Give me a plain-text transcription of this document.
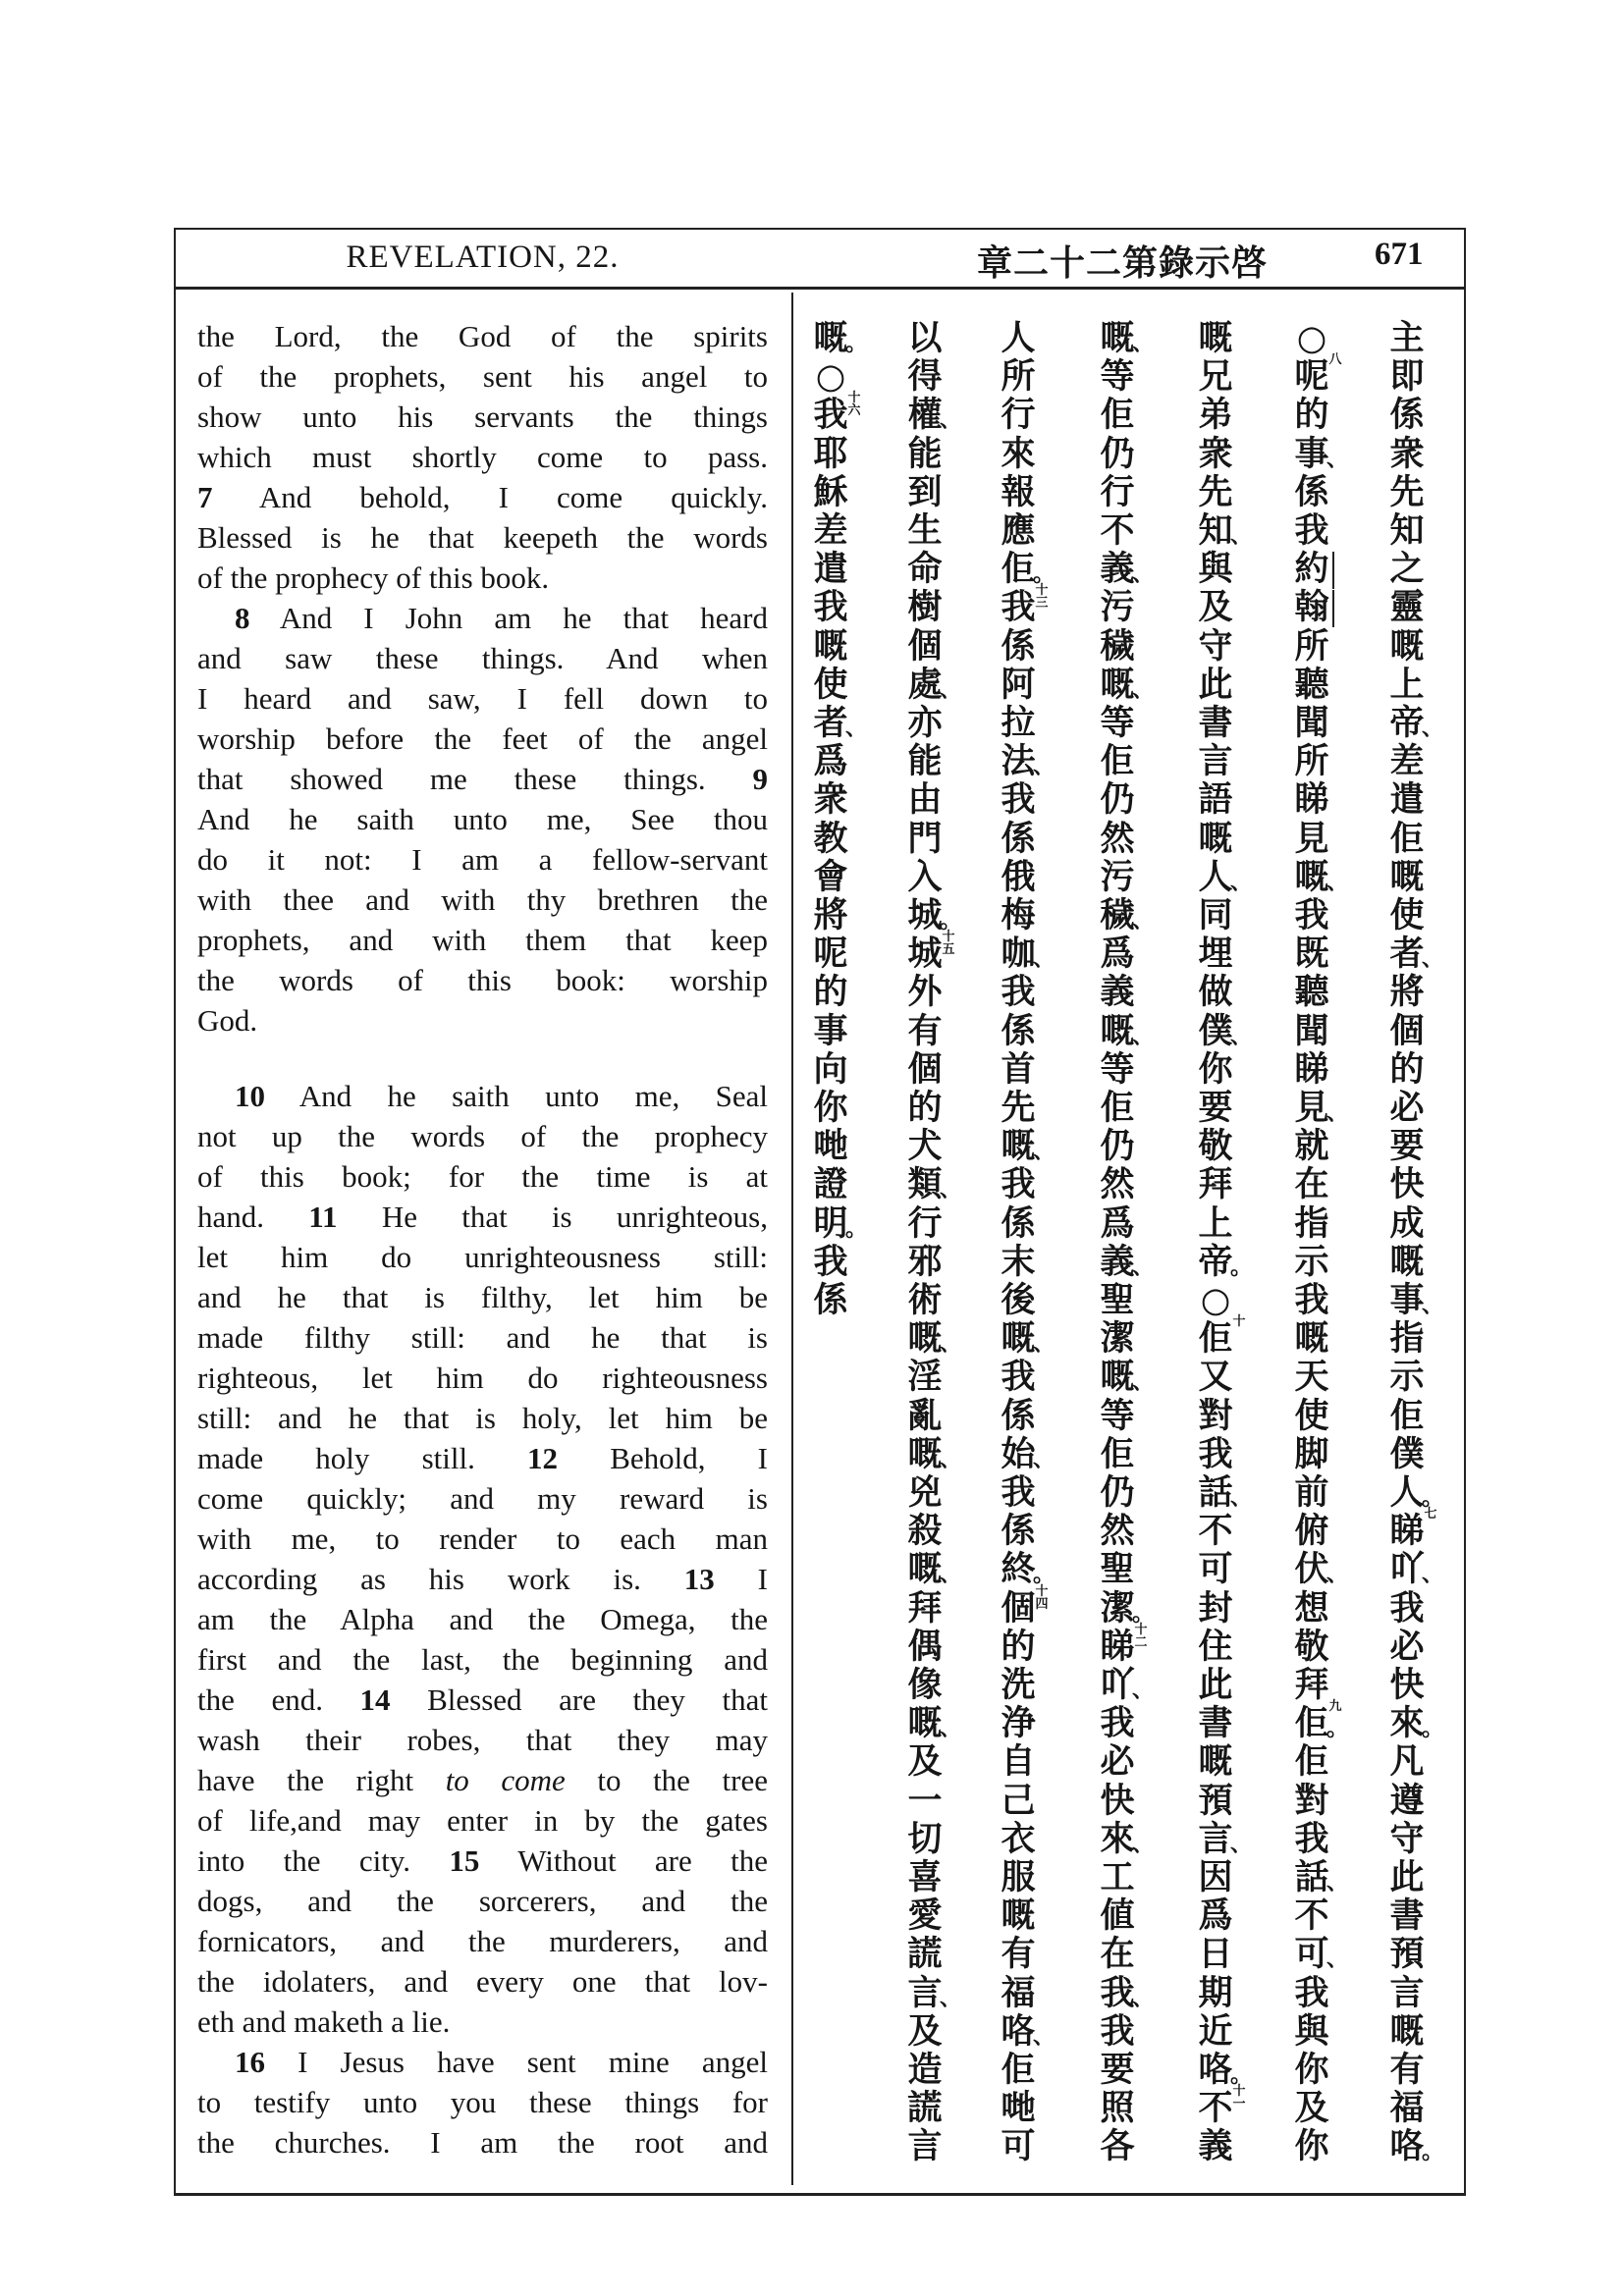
REVELATION, 22.	章二十二第錄示啓	671
the Lord, the God of the spirits
of the prophets, sent his angel to
show unto his servants the things
which must shortly come to pass.
7 And behold, I come quickly.
Blessed is he that keepeth the words
of the prophecy of this book.
8 And I John am he that heard
and saw these things. And when
I heard and saw, I fell down to
worship before the feet of the angel
that showed me these things. 9
And he saith unto me, See thou
do it not: I am a fellow-servant
with thee and with thy brethren the
prophets, and with them that keep
the words of this book: worship
God.
10 And he saith unto me, Seal
not up the words of the prophecy
of this book; for the time is at
hand. 11 He that is unrighteous,
let him do unrighteousness still:
and he that is filthy, let him be
made filthy still: and he that is
righteous, let him do righteousness
still: and he that is holy, let him be
made holy still. 12 Behold, I
come quickly; and my reward is
with me, to render to each man
according as his work is. 13 I
am the Alpha and the Omega, the
first and the last, the beginning and
the end. 14 Blessed are they that
wash their robes, that they may
have the right to come to the tree
of life,and may enter in by the gates
into the city. 15 Without are the
dogs, and the sorcerers, and the
fornicators, and the murderers, and
the idolaters, and every one that lov-
eth and maketh a lie.
16 I Jesus have sent mine angel
to testify unto you these things for
the churches. I am the root and
主
即
係
衆
先
知
之
靈
嘅
上
帝
、
差
遣
佢
嘅
使
者
、
將
個
的
必
要
快
成
嘅
事
、
指
示
佢
僕
人
。
睇 七
吖
、
我
必
快
來
。
凡
遵
守
此
書
預
言
嘅
有
福
咯
。
○
呢 八
的
事
、
係
我
約
翰
所
聽
聞
所
睇
見
嘅
、
我
既
聽
聞
睇
見
、
就
在
指
示
我
嘅
天
使
脚
前
俯
伏
、
想
敬
拜
佢
。
九
佢
對
我
話
、
不
可
、
我
與
你
及
你
嘅
兄
弟
衆
先
知
、
與
及
守
此
書
言
語
嘅
人
、
同
埋
做
僕
、
你
要
敬
拜
上
帝
。
○
佢 十
又
對
我
話
、
不
可
封
住
此
書
嘅
預
言
、
因
爲
日
期
近
咯
。
不 十一
義
嘅
、
等
佢
仍
行
不
義
、
污
穢
嘅
、
等
佢
仍
然
污
穢
、
爲
義
嘅
、
等
佢
仍
然
爲
義
、
聖
潔
嘅
、
等
佢
仍
然
聖
潔
。
睇 十二
吖
、
我
必
快
來
、
工
値
在
我
、
我
要
照
各
人
所
行
來
報
應
佢
。
我 十三
係
阿
拉
法
、
我
係
俄
梅
咖
、
我
係
首
先
嘅
、
我
係
末
後
嘅
、
我
係
始
、
我
係
終
。
個 十四
的
洗
浄
自
己
衣
服
嘅
有
福
咯
、
佢
哋
可
以
得
權
、
能
到
生
命
樹
個
處
、
亦
能
由
門
入
城
。
城 十五
外
有
個
的
犬
類
、
行
邪
術
嘅
、
淫
亂
嘅
、
兇
殺
嘅
、
拜
偶
像
嘅
、
及
一
切
喜
愛
謊
言
、
及
造
謊
言
嘅
。
○
我 十六
耶
穌
差
遣
我
嘅
使
者
、
爲
衆
教
會
將
呢
的
事
向
你
哋
證
明
。
我
係
